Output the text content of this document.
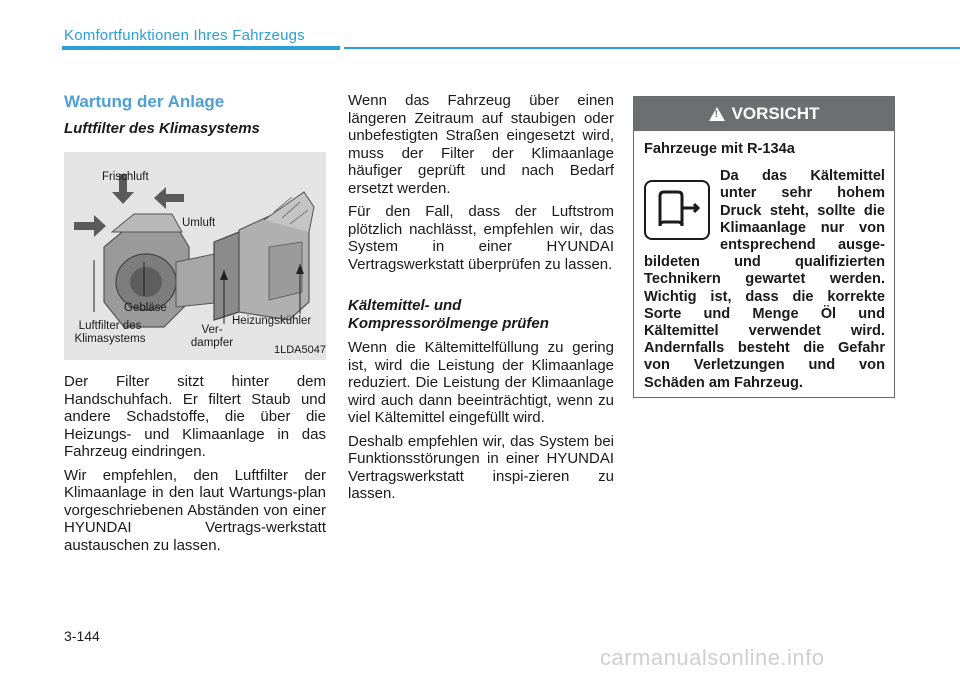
Komfortfunktionen Ihres Fahrzeugs
Wartung der Anlage

Luftfilter des Klimasystems

Frischluft
Umluft
Gebläse
Luftfilter des
Klimasystems
Ver-
dampfer
Heizungskühler
1LDA5047

Der Filter sitzt hinter dem Handschuhfach. Er filtert Staub und andere Schadstoffe, die über die Heizungs- und Klimaanlage in das Fahrzeug eindringen.

Wir empfehlen, den Luftfilter der Klimaanlage in den laut Wartungs-plan vorgeschriebenen Abständen von einer HYUNDAI Vertrags-werkstatt austauschen zu lassen.

Wenn das Fahrzeug über einen längeren Zeitraum auf staubigen oder unbefestigten Straßen eingesetzt wird, muss der Filter der Klimaanlage häufiger geprüft und nach Bedarf ersetzt werden.

Für den Fall, dass der Luftstrom plötzlich nachlässt, empfehlen wir, das System in einer HYUNDAI Vertragswerkstatt überprüfen zu lassen.

Kältemittel- und
Kompressorölmenge prüfen

Wenn die Kältemittelfüllung zu gering ist, wird die Leistung der Klimaanlage reduziert. Die Leistung der Klimaanlage wird auch dann beeinträchtigt, wenn zu viel Kältemittel eingefüllt wird.

Deshalb empfehlen wir, das System bei Funktionsstörungen in einer HYUNDAI Vertragswerkstatt inspi-zieren zu lassen.

!
VORSICHT

Fahrzeuge mit R-134a

Da das Kältemittel unter sehr hohem Druck steht, sollte die Klimaanlage nur von entsprechend ausge-bildeten und qualifizierten Technikern gewartet werden. Wichtig ist, dass die korrekte Sorte und Menge Öl und Kältemittel verwendet wird. Andernfalls besteht die Gefahr von Verletzungen und von Schäden am Fahrzeug.

3-144
carmanualsonline.info
